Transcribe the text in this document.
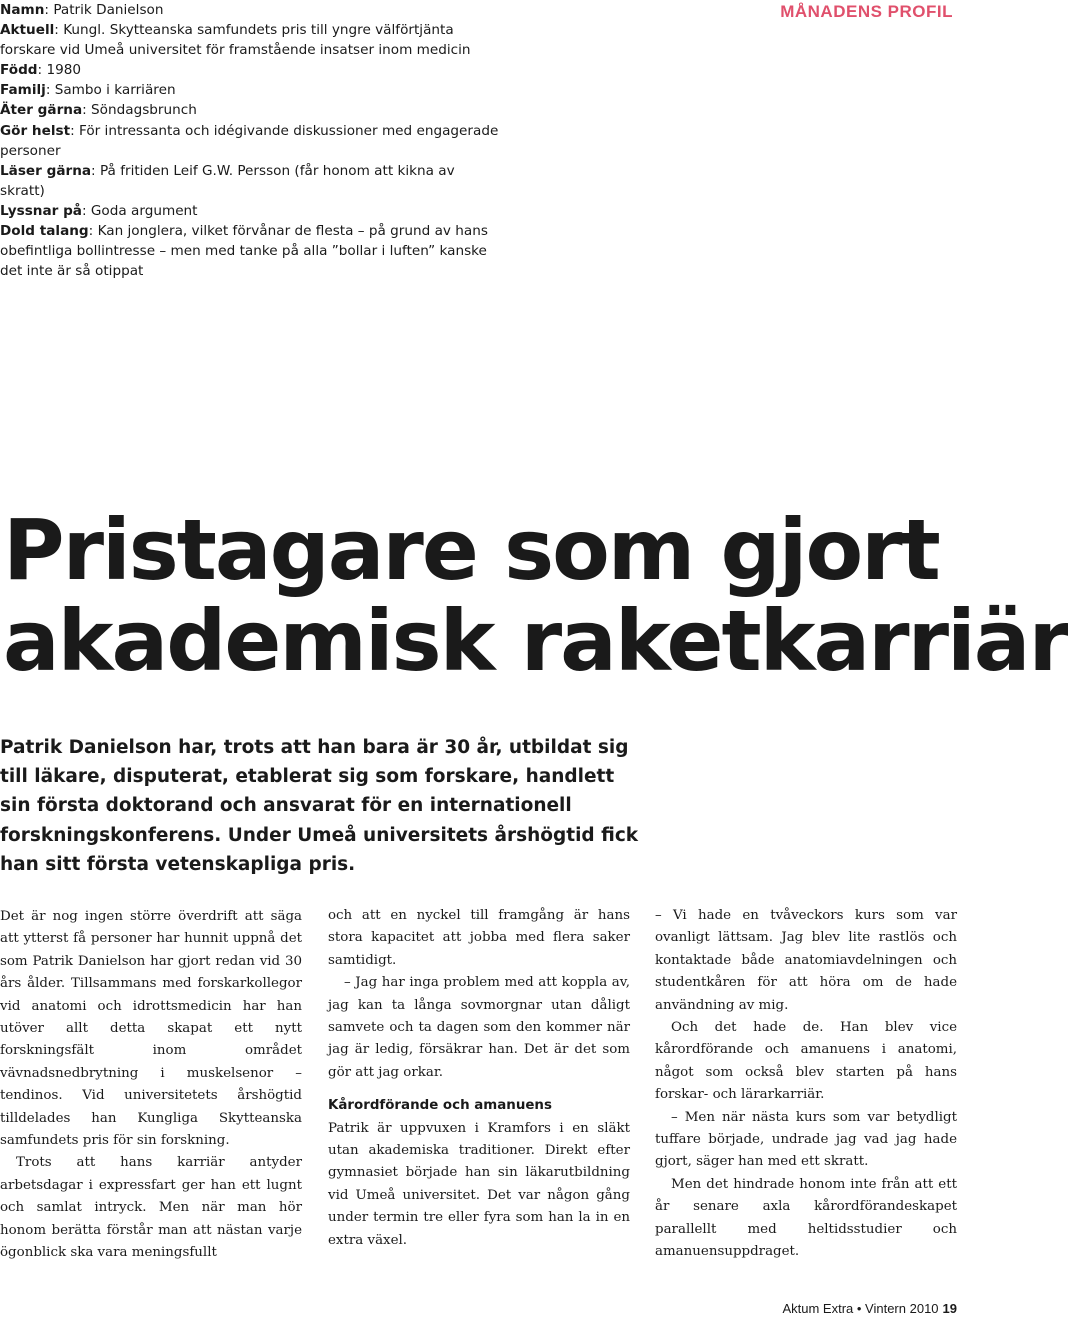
MÅNADENS PROFIL
Namn: Patrik Danielson
Aktuell: Kungl. Skytteanska samfundets pris till yngre välförtjänta forskare vid Umeå universitet för framstående insatser inom medicin
Född: 1980
Familj: Sambo i karriären
Äter gärna: Söndagsbrunch
Gör helst: För intressanta och idégivande diskussioner med engagerade personer
Läser gärna: På fritiden Leif G.W. Persson (får honom att kikna av skratt)
Lyssnar på: Goda argument
Dold talang: Kan jonglera, vilket förvånar de flesta – på grund av hans obefintliga bollintresse – men med tanke på alla ”bollar i luften” kanske det inte är så otippat
Pristagare som gjort
akademisk raketkarriär

Patrik Danielson har, trots att han bara är 30 år, utbildat sig till läkare, disputerat, etablerat sig som forskare, handlett sin första doktorand och ansvarat för en internationell forskningskonferens. Under Umeå universitets årshögtid fick han sitt första vetenskapliga pris.

Det är nog ingen större överdrift att säga att ytterst få personer har hunnit uppnå det som Patrik Danielson har gjort redan vid 30 års ålder. Tillsammans med forskarkollegor vid anatomi och idrottsmedicin har han utöver allt detta skapat ett nytt forskningsfält inom området vävnadsnedbrytning i muskelsenor – tendinos. Vid universitetets årshögtid tilldelades han Kungliga Skytteanska samfundets pris för sin forskning.

Trots att hans karriär antyder arbetsdagar i expressfart ger han ett lugnt och samlat intryck. Men när man hör honom berätta förstår man att nästan varje ögonblick ska vara meningsfullt

och att en nyckel till framgång är hans stora kapacitet att jobba med flera saker samtidigt.

– Jag har inga problem med att koppla av, jag kan ta långa sovmorgnar utan dåligt samvete och ta dagen som den kommer när jag är ledig, försäkrar han. Det är det som gör att jag orkar.

Kårordförande och amanuens

Patrik är uppvuxen i Kramfors i en släkt utan akademiska traditioner. Direkt efter gymnasiet började han sin läkarutbildning vid Umeå universitet. Det var någon gång under termin tre eller fyra som han la in en extra växel.

– Vi hade en tvåveckors kurs som var ovanligt lättsam. Jag blev lite rastlös och kontaktade både anatomiavdelningen och studentkåren för att höra om de hade användning av mig.

Och det hade de. Han blev vice kårordförande och amanuens i anatomi, något som också blev starten på hans forskar- och lärarkarriär.

– Men när nästa kurs som var betydligt tuffare började, undrade jag vad jag hade gjort, säger han med ett skratt.

Men det hindrade honom inte från att ett år senare axla kårordförandeskapet parallellt med heltidsstudier och amanuensuppdraget.

Aktum Extra • Vintern 2010 19
